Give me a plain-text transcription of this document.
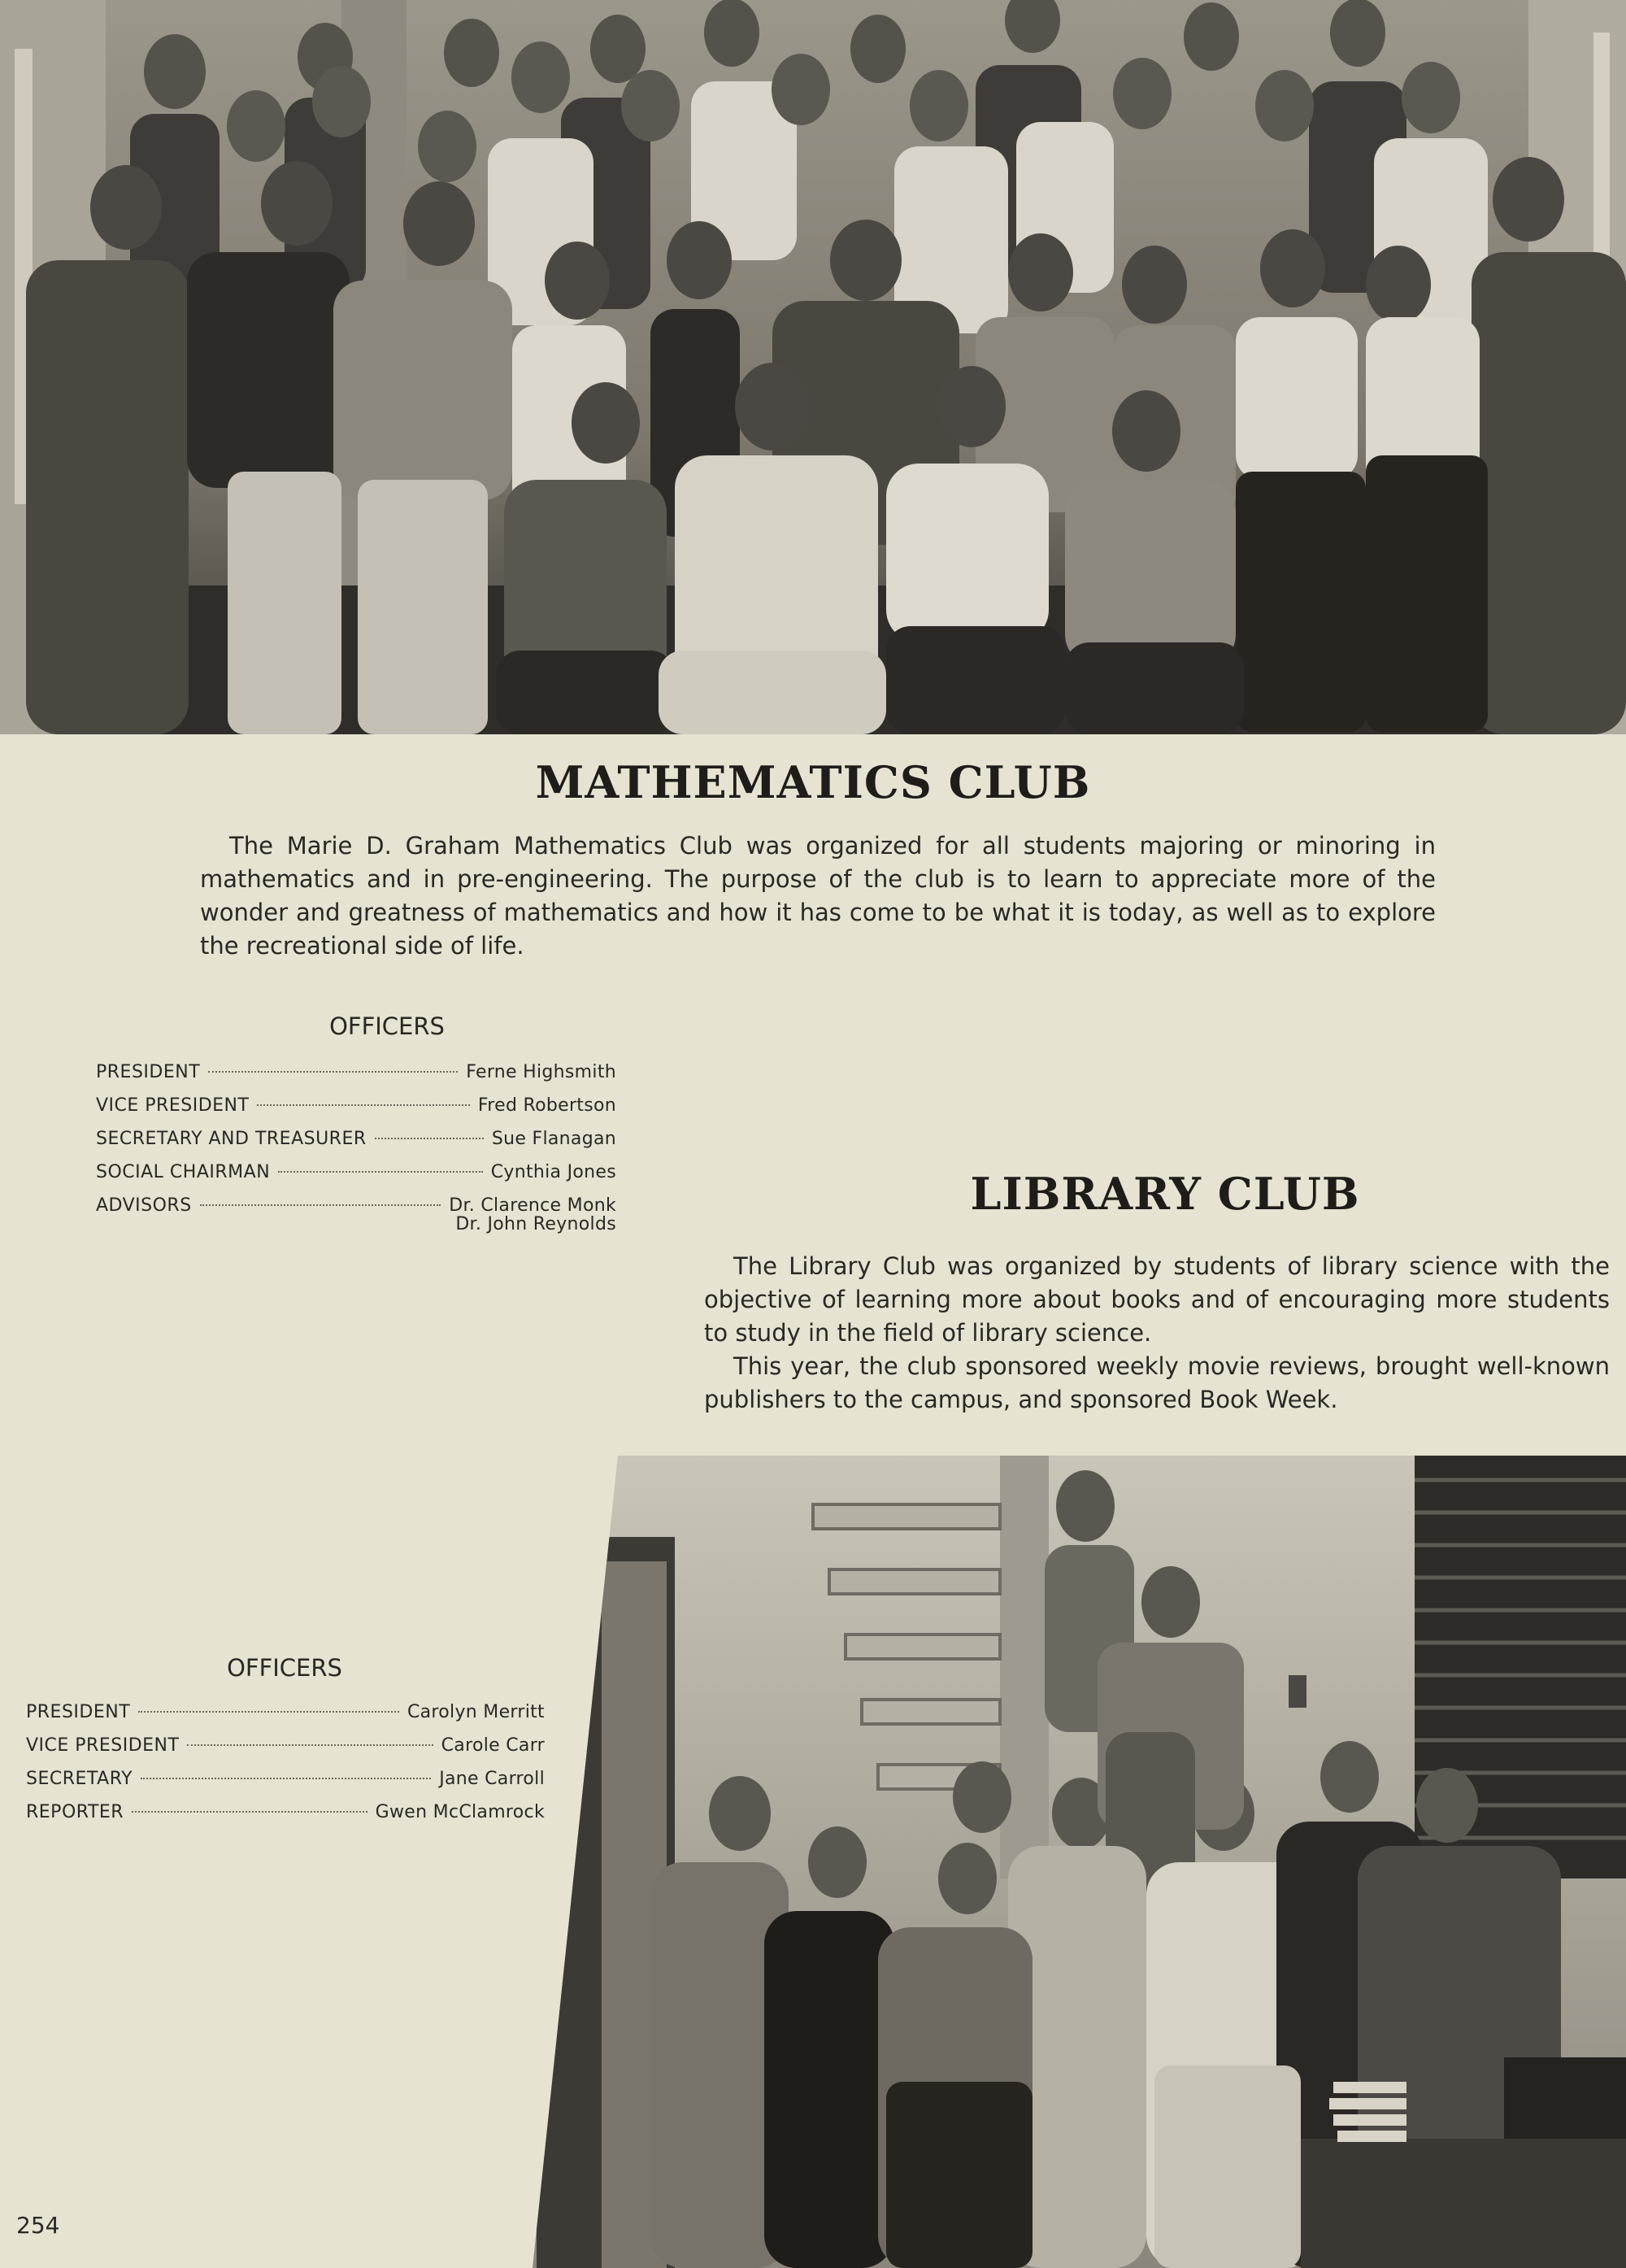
MATHEMATICS CLUB

The Marie D. Graham Mathematics Club was organized for all students majoring or minoring in mathematics and in pre-engineering. The purpose of the club is to learn to appreciate more of the wonder and greatness of mathematics and how it has come to be what it is today, as well as to explore the recreational side of life.

OFFICERS
PRESIDENT	Ferne Highsmith
VICE PRESIDENT	Fred Robertson
SECRETARY AND TREASURER	Sue Flanagan
SOCIAL CHAIRMAN	Cynthia Jones
ADVISORS	Dr. Clarence Monk
Dr. John Reynolds
LIBRARY CLUB

The Library Club was organized by students of library science with the objective of learning more about books and of encouraging more students to study in the field of library science.

This year, the club sponsored weekly movie reviews, brought well-known publishers to the campus, and sponsored Book Week.

OFFICERS
PRESIDENT	Carolyn Merritt
VICE PRESIDENT	Carole Carr
SECRETARY	Jane Carroll
REPORTER	Gwen McClamrock
254
